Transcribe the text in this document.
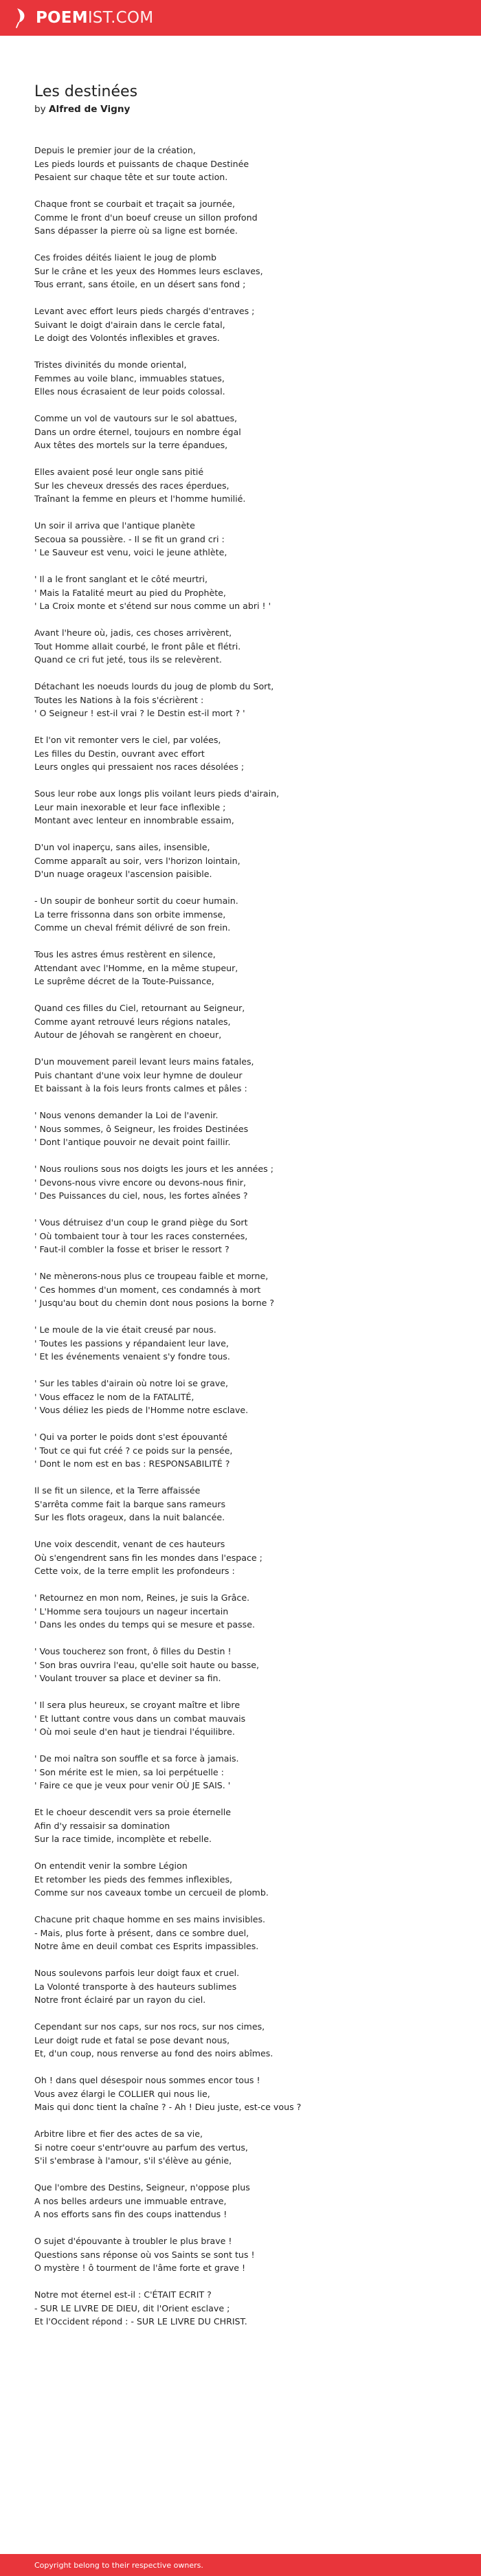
POEMIST.COM
Les destinées
by Alfred de Vigny

Depuis le premier jour de la création,
Les pieds lourds et puissants de chaque Destinée
Pesaient sur chaque tête et sur toute action.

Chaque front se courbait et traçait sa journée,
Comme le front d'un boeuf creuse un sillon profond
Sans dépasser la pierre où sa ligne est bornée.

Ces froides déités liaient le joug de plomb
Sur le crâne et les yeux des Hommes leurs esclaves,
Tous errant, sans étoile, en un désert sans fond ;

Levant avec effort leurs pieds chargés d'entraves ;
Suivant le doigt d'airain dans le cercle fatal,
Le doigt des Volontés inflexibles et graves.

Tristes divinités du monde oriental,
Femmes au voile blanc, immuables statues,
Elles nous écrasaient de leur poids colossal.

Comme un vol de vautours sur le sol abattues,
Dans un ordre éternel, toujours en nombre égal
Aux têtes des mortels sur la terre épandues,

Elles avaient posé leur ongle sans pitié
Sur les cheveux dressés des races éperdues,
Traînant la femme en pleurs et l'homme humilié.

Un soir il arriva que l'antique planète
Secoua sa poussière. - Il se fit un grand cri :
' Le Sauveur est venu, voici le jeune athlète,

' Il a le front sanglant et le côté meurtri,
' Mais la Fatalité meurt au pied du Prophète,
' La Croix monte et s'étend sur nous comme un abri ! '

Avant l'heure où, jadis, ces choses arrivèrent,
Tout Homme allait courbé, le front pâle et flétri.
Quand ce cri fut jeté, tous ils se relevèrent.

Détachant les noeuds lourds du joug de plomb du Sort,
Toutes les Nations à la fois s'écrièrent :
' O Seigneur ! est-il vrai ? le Destin est-il mort ? '

Et l'on vit remonter vers le ciel, par volées,
Les filles du Destin, ouvrant avec effort
Leurs ongles qui pressaient nos races désolées ;

Sous leur robe aux longs plis voilant leurs pieds d'airain,
Leur main inexorable et leur face inflexible ;
Montant avec lenteur en innombrable essaim,

D'un vol inaperçu, sans ailes, insensible,
Comme apparaît au soir, vers l'horizon lointain,
D'un nuage orageux l'ascension paisible.

- Un soupir de bonheur sortit du coeur humain.
La terre frissonna dans son orbite immense,
Comme un cheval frémit délivré de son frein.

Tous les astres émus restèrent en silence,
Attendant avec l'Homme, en la même stupeur,
Le suprême décret de la Toute-Puissance,

Quand ces filles du Ciel, retournant au Seigneur,
Comme ayant retrouvé leurs régions natales,
Autour de Jéhovah se rangèrent en choeur,

D'un mouvement pareil levant leurs mains fatales,
Puis chantant d'une voix leur hymne de douleur
Et baissant à la fois leurs fronts calmes et pâles :

' Nous venons demander la Loi de l'avenir.
' Nous sommes, ô Seigneur, les froides Destinées
' Dont l'antique pouvoir ne devait point faillir.

' Nous roulions sous nos doigts les jours et les années ;
' Devons-nous vivre encore ou devons-nous finir,
' Des Puissances du ciel, nous, les fortes aînées ?

' Vous détruisez d'un coup le grand piège du Sort
' Où tombaient tour à tour les races consternées,
' Faut-il combler la fosse et briser le ressort ?

' Ne mènerons-nous plus ce troupeau faible et morne,
' Ces hommes d'un moment, ces condamnés à mort
' Jusqu'au bout du chemin dont nous posions la borne ?

' Le moule de la vie était creusé par nous.
' Toutes les passions y répandaient leur lave,
' Et les événements venaient s'y fondre tous.

' Sur les tables d'airain où notre loi se grave,
' Vous effacez le nom de la FATALITÉ,
' Vous déliez les pieds de l'Homme notre esclave.

' Qui va porter le poids dont s'est épouvanté
' Tout ce qui fut créé ? ce poids sur la pensée,
' Dont le nom est en bas : RESPONSABILITÉ ?

Il se fit un silence, et la Terre affaissée
S'arrêta comme fait la barque sans rameurs
Sur les flots orageux, dans la nuit balancée.

Une voix descendit, venant de ces hauteurs
Où s'engendrent sans fin les mondes dans l'espace ;
Cette voix, de la terre emplit les profondeurs :

' Retournez en mon nom, Reines, je suis la Grâce.
' L'Homme sera toujours un nageur incertain
' Dans les ondes du temps qui se mesure et passe.

' Vous toucherez son front, ô filles du Destin !
' Son bras ouvrira l'eau, qu'elle soit haute ou basse,
' Voulant trouver sa place et deviner sa fin.

' Il sera plus heureux, se croyant maître et libre
' Et luttant contre vous dans un combat mauvais
' Où moi seule d'en haut je tiendrai l'équilibre.

' De moi naîtra son souffle et sa force à jamais.
' Son mérite est le mien, sa loi perpétuelle :
' Faire ce que je veux pour venir OÙ JE SAIS. '

Et le choeur descendit vers sa proie éternelle
Afin d'y ressaisir sa domination
Sur la race timide, incomplète et rebelle.

On entendit venir la sombre Légion
Et retomber les pieds des femmes inflexibles,
Comme sur nos caveaux tombe un cercueil de plomb.

Chacune prit chaque homme en ses mains invisibles.
- Mais, plus forte à présent, dans ce sombre duel,
Notre âme en deuil combat ces Esprits impassibles.

Nous soulevons parfois leur doigt faux et cruel.
La Volonté transporte à des hauteurs sublimes
Notre front éclairé par un rayon du ciel.

Cependant sur nos caps, sur nos rocs, sur nos cimes,
Leur doigt rude et fatal se pose devant nous,
Et, d'un coup, nous renverse au fond des noirs abîmes.

Oh ! dans quel désespoir nous sommes encor tous !
Vous avez élargi le COLLIER qui nous lie,
Mais qui donc tient la chaîne ? - Ah ! Dieu juste, est-ce vous ?

Arbitre libre et fier des actes de sa vie,
Si notre coeur s'entr'ouvre au parfum des vertus,
S'il s'embrase à l'amour, s'il s'élève au génie,

Que l'ombre des Destins, Seigneur, n'oppose plus
A nos belles ardeurs une immuable entrave,
A nos efforts sans fin des coups inattendus !

O sujet d'épouvante à troubler le plus brave !
Questions sans réponse où vos Saints se sont tus !
O mystère ! ô tourment de l'âme forte et grave !

Notre mot éternel est-il : C'ÉTAIT ECRIT ?
- SUR LE LIVRE DE DIEU, dit l'Orient esclave ;
Et l'Occident répond : - SUR LE LIVRE DU CHRIST.

Copyright belong to their respective owners.
